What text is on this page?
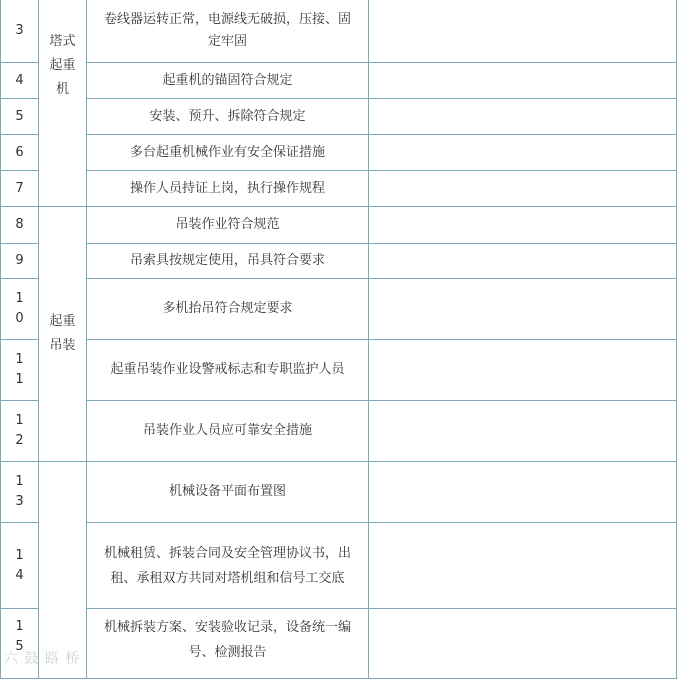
3	塔式
起重
机	卷线器运转正常，电源线无破损，压接、固定牢固	
4		起重机的锚固符合规定	
5		安装、预升、拆除符合规定	
6		多台起重机械作业有安全保证措施	
7		操作人员持证上岗，执行操作规程	
8	起重
吊装	吊装作业符合规范	
9		吊索具按规定使用，吊具符合要求	

1
0		多机抬吊符合规定要求	

1
1		起重吊装作业设警戒标志和专职监护人员	

1
2		吊装作业人员应可靠安全措施	

1
3		机械设备平面布置图	

1
4		机械租赁、拆装合同及安全管理协议书，出租、承租双方共同对塔机组和信号工交底	

1
5		机械拆装方案、安装验收记录，设备统一编号、检测报告	
六 鼓 路 桥
